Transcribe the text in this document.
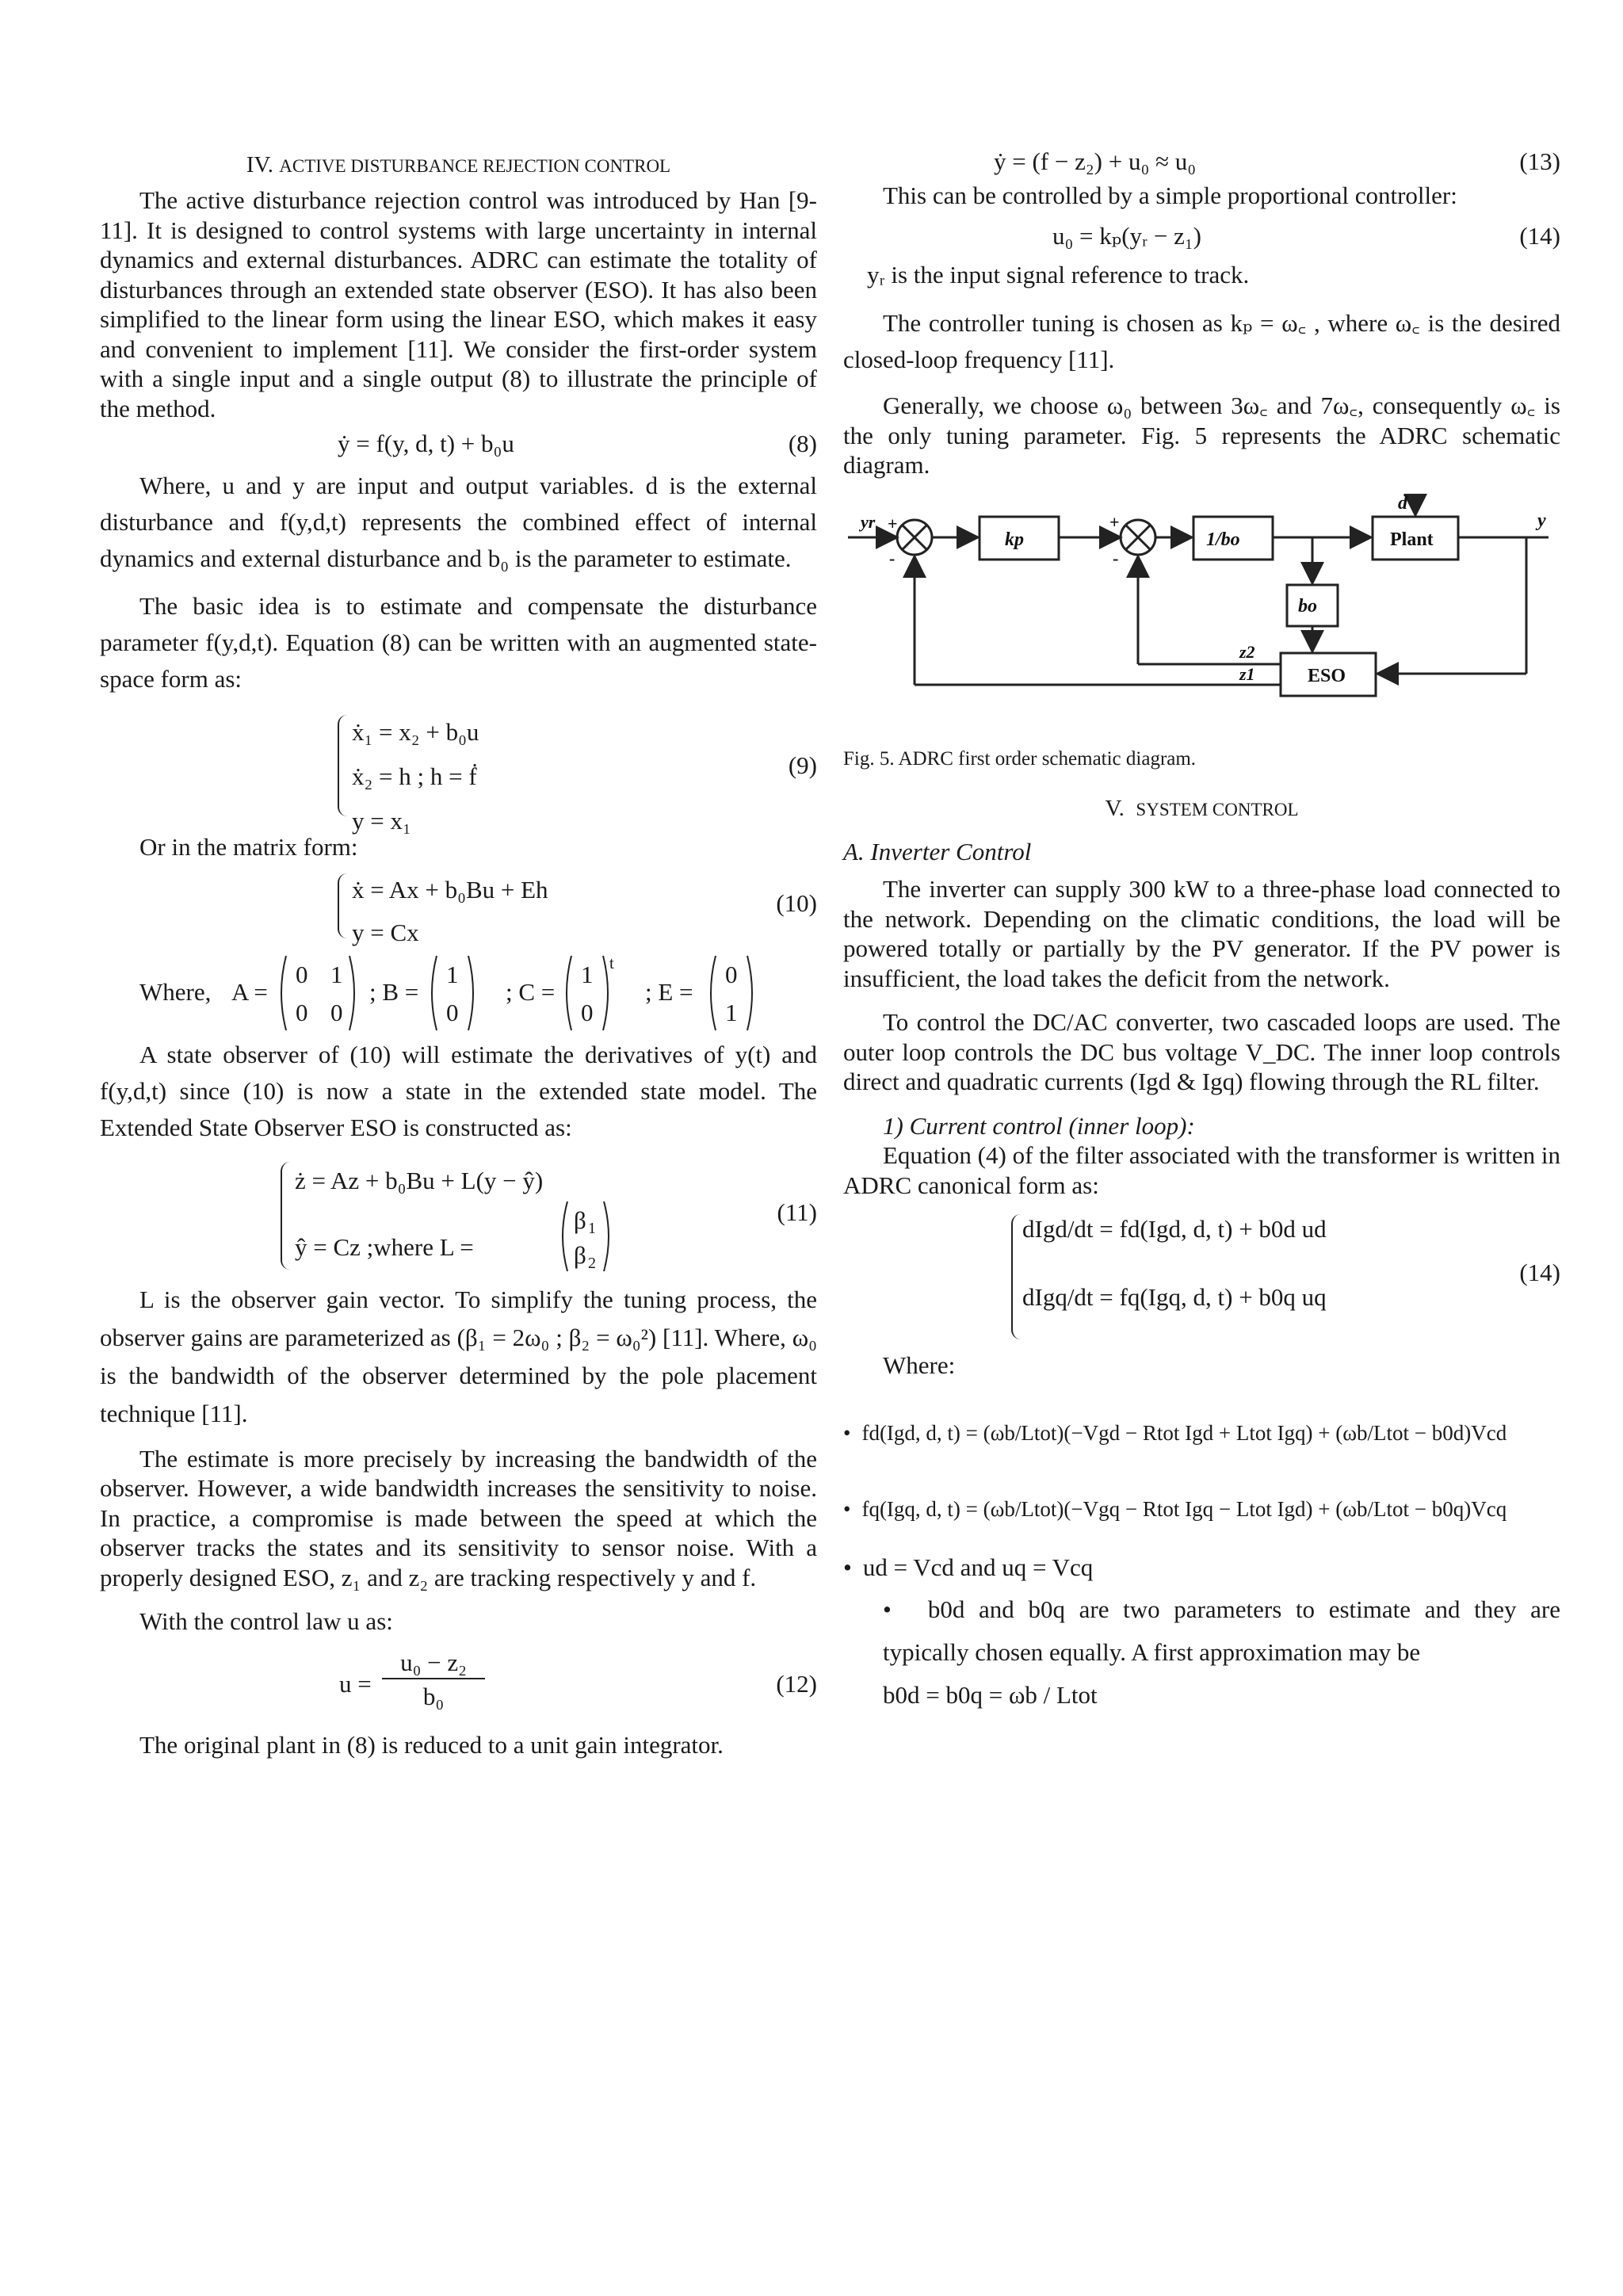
IV. ACTIVE DISTURBANCE REJECTION CONTROL

The active disturbance rejection control was introduced by Han [9-11]. It is designed to control systems with large uncertainty in internal dynamics and external disturbances. ADRC can estimate the totality of disturbances through an extended state observer (ESO). It has also been simplified to the linear form using the linear ESO, which makes it easy and convenient to implement [11]. We consider the first-order system with a single input and a single output (8) to illustrate the principle of the method.

ẏ = f(y, d, t) + b₀u	(8)

Where, u and y are input and output variables. d is the external disturbance and f(y,d,t) represents the combined effect of internal dynamics and external disturbance and b₀ is the parameter to estimate.

The basic idea is to estimate and compensate the disturbance parameter f(y,d,t). Equation (8) can be written with an augmented state-space form as:

ẋ₁ = x₂ + b₀u
ẋ₂ = h ; h = ḟ
y = x₁
(9)

Or in the matrix form:

ẋ = Ax + b₀Bu + Eh
y = Cx
(10)
Where, A =
0 1
0 0
1
0
1
0
t	0
1
; B =	; C =	; E =

A state observer of (10) will estimate the derivatives of y(t) and f(y,d,t) since (10) is now a state in the extended state model. The Extended State Observer ESO is constructed as:

ż = Az + b₀Bu + L(y − ŷ)
ŷ = Cz ;where L =
β 1
β 2
(11)

L is the observer gain vector. To simplify the tuning process, the observer gains are parameterized as (β₁ = 2ω₀ ; β₂ = ω₀²) [11]. Where, ω₀ is the bandwidth of the observer determined by the pole placement technique [11].

The estimate is more precisely by increasing the bandwidth of the observer. However, a wide bandwidth increases the sensitivity to noise. In practice, a compromise is made between the speed at which the observer tracks the states and its sensitivity to sensor noise. With a properly designed ESO, z₁ and z₂ are tracking respectively y and f.

With the control law u as:

u =
u₀ − z₂
b₀	(12)

The original plant in (8) is reduced to a unit gain integrator.

ẏ = (f − z₂) + u₀ ≈ u₀	(13)

This can be controlled by a simple proportional controller:

u₀ = kₚ(yᵣ − z₁)	(14)

yᵣ is the input signal reference to track.

The controller tuning is chosen as kₚ = ω꜀ , where ω꜀ is the desired closed-loop frequency [11].

Generally, we choose ω₀ between 3ω꜀ and 7ω꜀, consequently ω꜀ is the only tuning parameter. Fig. 5 represents the ADRC schematic diagram.

yr +
-
kp
+
-
1/bo	Plant
d
y
bo
ESO
z2
z1

Fig. 5. ADRC first order schematic diagram.

V. SYSTEM CONTROL

A. Inverter Control

The inverter can supply 300 kW to a three-phase load connected to the network. Depending on the climatic conditions, the load will be powered totally or partially by the PV generator. If the PV power is insufficient, the load takes the deficit from the network.

To control the DC/AC converter, two cascaded loops are used. The outer loop controls the DC bus voltage V_DC. The inner loop controls direct and quadratic currents (Igd & Igq) flowing through the RL filter.

1) Current control (inner loop):

Equation (4) of the filter associated with the transformer is written in ADRC canonical form as:

dIgd/dt = fd(Igd, d, t) + b0d ud
dIgq/dt = fq(Igq, d, t) + b0q uq
(14)

Where:

• fd(Igd, d, t) = (ωb/Ltot)(−Vgd − Rtot Igd + Ltot Igq) + (ωb/Ltot − b0d)Vcd
• fq(Igq, d, t) = (ωb/Ltot)(−Vgq − Rtot Igq − Ltot Igd) + (ωb/Ltot − b0q)Vcq
• ud = Vcd and uq = Vcq
• b0d and b0q are two parameters to estimate and they are typically chosen equally. A first approximation may be
b0d = b0q = ωb / Ltot
